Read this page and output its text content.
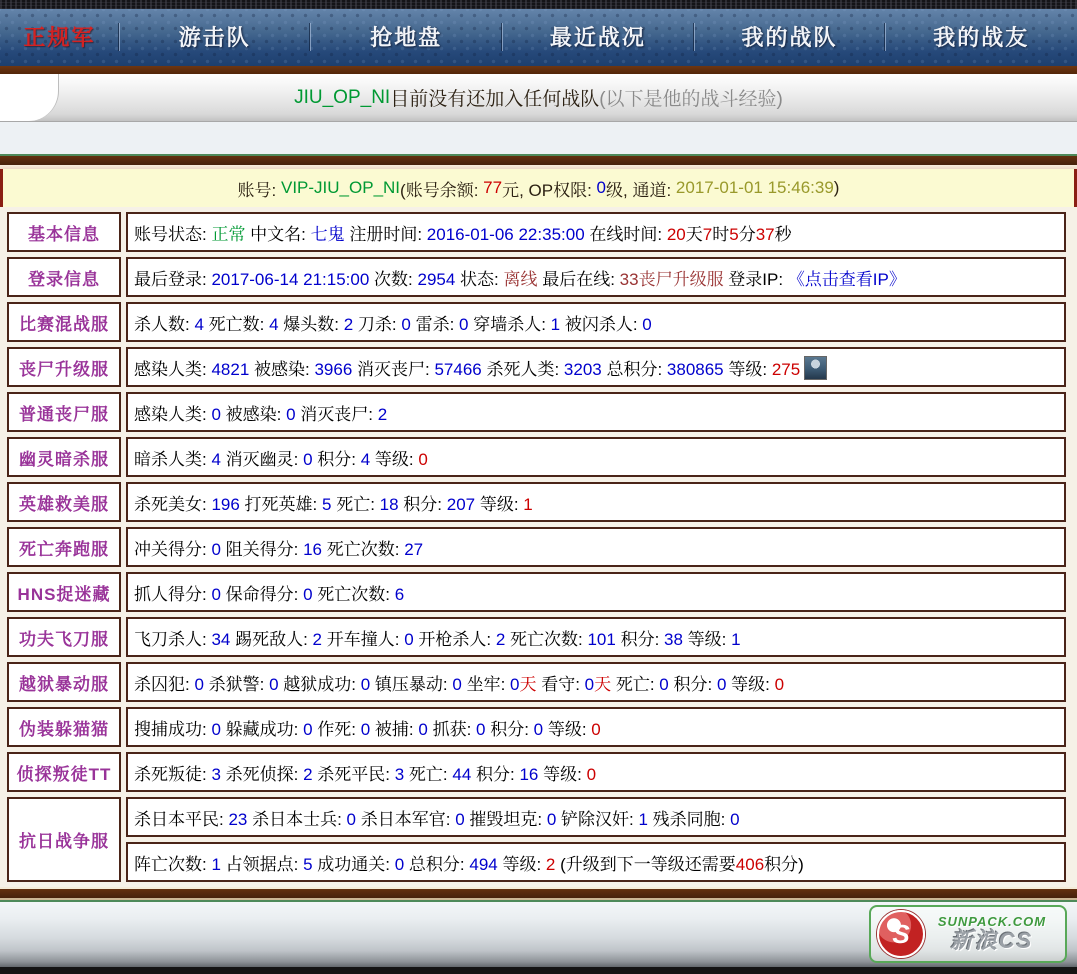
正规军	游击队	抢地盘	最近战况	我的战队	我的战友
JIU_OP_NI 目前没有还加入任何战队 (以下是他的战斗经验)
账号: VIP-JIU_OP_NI (账号余额: 77 元, OP权限: 0 级, 通道: 2017-01-01 15:46:39 )
基本信息	账号状态: 正常 中文名: 七鬼 注册时间: 2016-01-06 22:35:00 在线时间: 20天7时5分37秒
登录信息	最后登录: 2017-06-14 21:15:00 次数: 2954 状态: 离线 最后在线: 33丧尸升级服 登录IP: 《点击查看IP》
比赛混战服	杀人数: 4 死亡数: 4 爆头数: 2 刀杀: 0 雷杀: 0 穿墙杀人: 1 被闪杀人: 0
丧尸升级服	感染人类: 4821 被感染: 3966 消灭丧尸: 57466 杀死人类: 3203 总积分: 380865 等级: 275
普通丧尸服	感染人类: 0 被感染: 0 消灭丧尸: 2
幽灵暗杀服	暗杀人类: 4 消灭幽灵: 0 积分: 4 等级: 0
英雄救美服	杀死美女: 196 打死英雄: 5 死亡: 18 积分: 207 等级: 1
死亡奔跑服	冲关得分: 0 阻关得分: 16 死亡次数: 27
HNS捉迷藏	抓人得分: 0 保命得分: 0 死亡次数: 6
功夫飞刀服	飞刀杀人: 34 踢死敌人: 2 开车撞人: 0 开枪杀人: 2 死亡次数: 101 积分: 38 等级: 1
越狱暴动服	杀囚犯: 0 杀狱警: 0 越狱成功: 0 镇压暴动: 0 坐牢: 0天 看守: 0天 死亡: 0 积分: 0 等级: 0
伪装躲猫猫	搜捕成功: 0 躲藏成功: 0 作死: 0 被捕: 0 抓获: 0 积分: 0 等级: 0
侦探叛徒TT	杀死叛徒: 3 杀死侦探: 2 杀死平民: 3 死亡: 44 积分: 16 等级: 0
抗日战争服	杀日本平民: 23 杀日本士兵: 0 杀日本军官: 0 摧毁坦克: 0 铲除汉奸: 1 残杀同胞: 0
	阵亡次数: 1 占领据点: 5 成功通关: 0 总积分: 494 等级: 2 (升级到下一等级还需要406积分)
S	SUNPACK.COM
新浪CS
